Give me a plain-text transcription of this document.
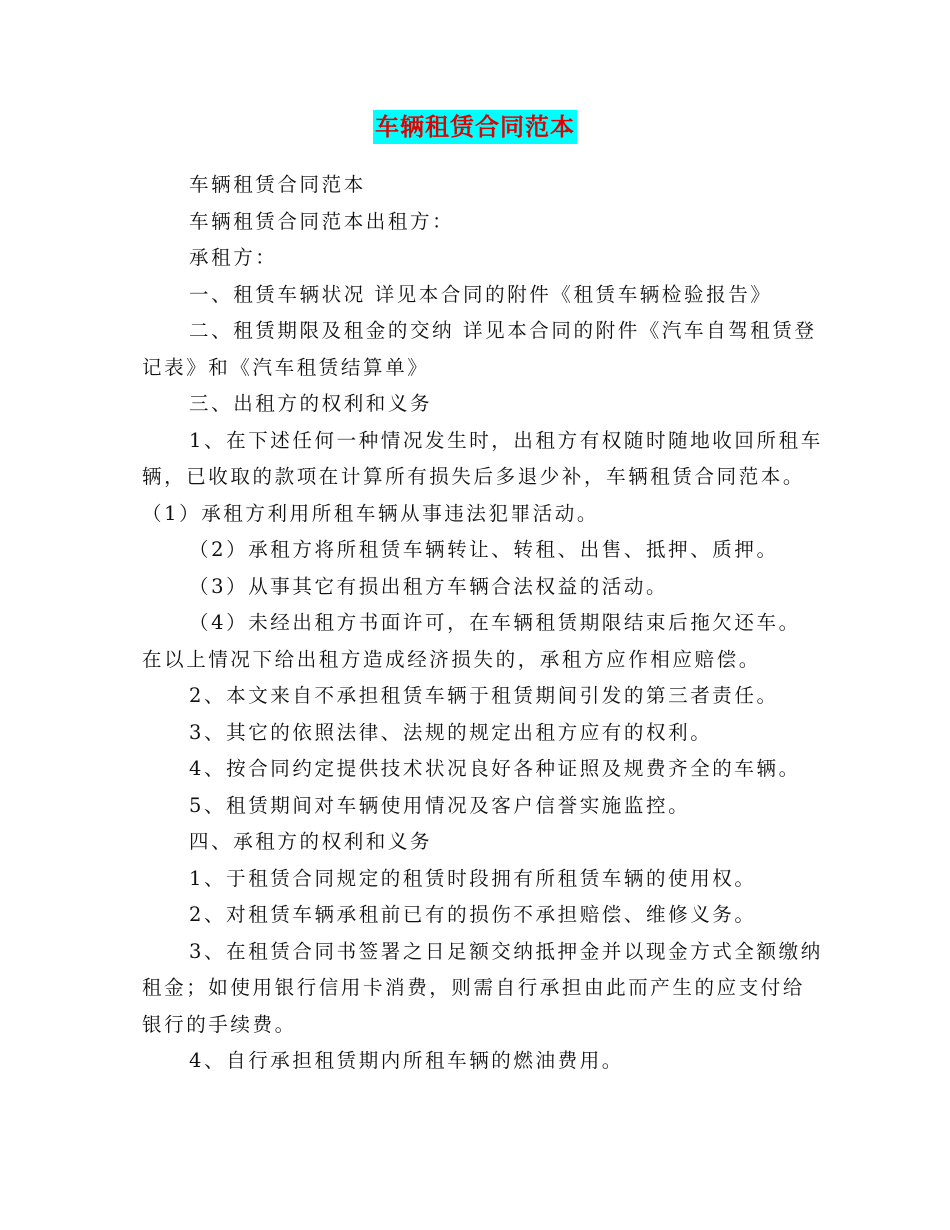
车辆租赁合同范本

车辆租赁合同范本

车辆租赁合同范本出租方：

承租方：

一、租赁车辆状况 详见本合同的附件《租赁车辆检验报告》

二、租赁期限及租金的交纳 详见本合同的附件《汽车自驾租赁登

记表》和《汽车租赁结算单》

三、出租方的权利和义务

1、在下述任何一种情况发生时，出租方有权随时随地收回所租车

辆，已收取的款项在计算所有损失后多退少补，车辆租赁合同范本。

（1）承租方利用所租车辆从事违法犯罪活动。

（2）承租方将所租赁车辆转让、转租、出售、抵押、质押。

（3）从事其它有损出租方车辆合法权益的活动。

（4）未经出租方书面许可，在车辆租赁期限结束后拖欠还车。

在以上情况下给出租方造成经济损失的，承租方应作相应赔偿。

2、本文来自不承担租赁车辆于租赁期间引发的第三者责任。

3、其它的依照法律、法规的规定出租方应有的权利。

4、按合同约定提供技术状况良好各种证照及规费齐全的车辆。

5、租赁期间对车辆使用情况及客户信誉实施监控。

四、承租方的权利和义务

1、于租赁合同规定的租赁时段拥有所租赁车辆的使用权。

2、对租赁车辆承租前已有的损伤不承担赔偿、维修义务。

3、在租赁合同书签署之日足额交纳抵押金并以现金方式全额缴纳

租金；如使用银行信用卡消费，则需自行承担由此而产生的应支付给

银行的手续费。

4、自行承担租赁期内所租车辆的燃油费用。
